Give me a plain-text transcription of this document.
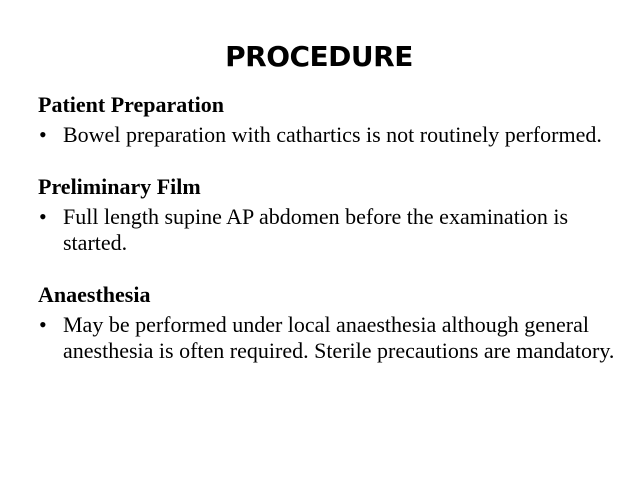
PROCEDURE
Patient Preparation
• Bowel preparation with cathartics is not routinely performed.
Preliminary Film
• Full length supine AP abdomen before the examination is started.
Anaesthesia
• May be performed under local anaesthesia although general anesthesia is often required. Sterile precautions are mandatory.
